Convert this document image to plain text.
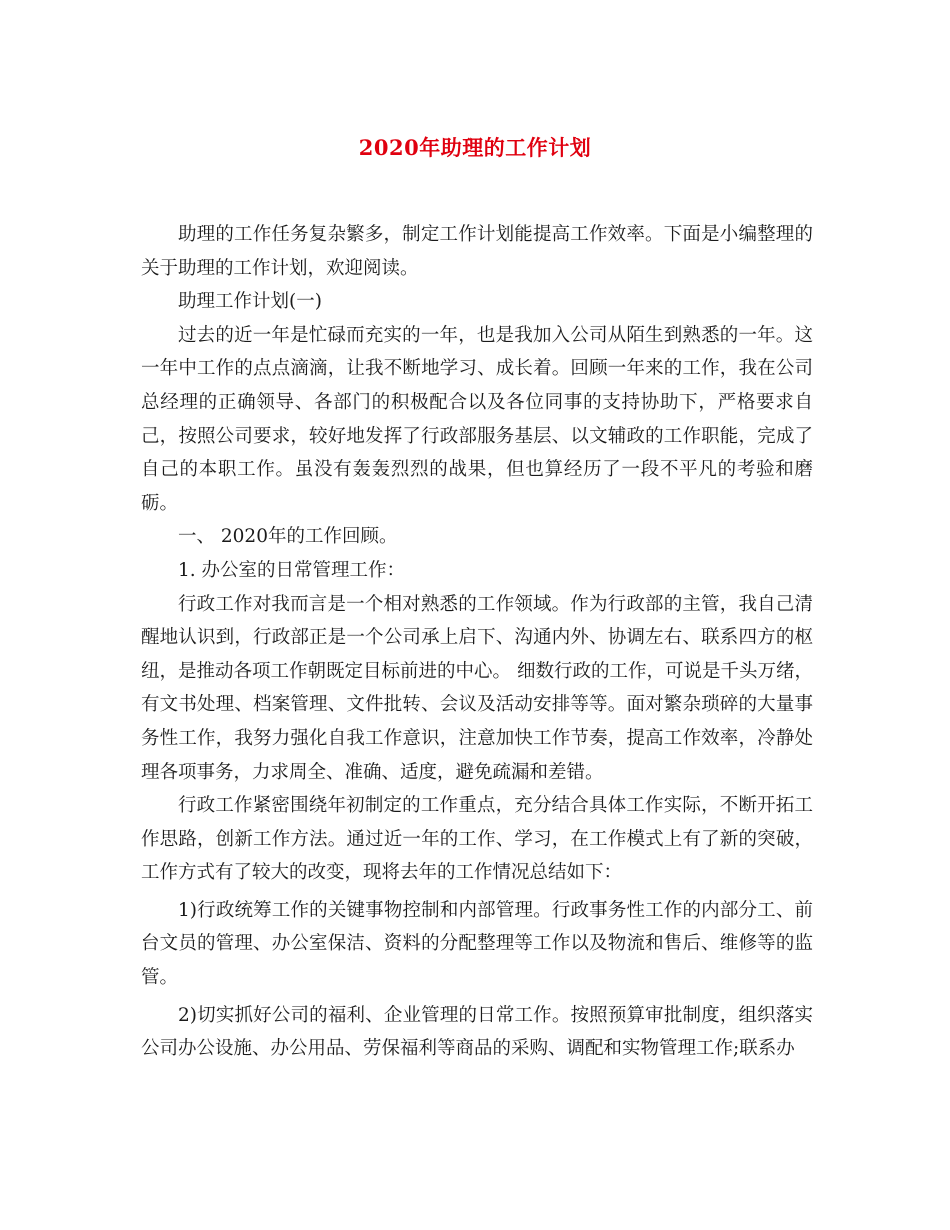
2020年助理的工作计划

助理的工作任务复杂繁多，制定工作计划能提高工作效率。下面是小编整理的关于助理的工作计划，欢迎阅读。

助理工作计划(一)

过去的近一年是忙碌而充实的一年，也是我加入公司从陌生到熟悉的一年。这一年中工作的点点滴滴，让我不断地学习、成长着。回顾一年来的工作，我在公司总经理的正确领导、各部门的积极配合以及各位同事的支持协助下，严格要求自己，按照公司要求，较好地发挥了行政部服务基层、以文辅政的工作职能，完成了自己的本职工作。虽没有轰轰烈烈的战果，但也算经历了一段不平凡的考验和磨砺。

一、 2020年的工作回顾。

1. 办公室的日常管理工作：

行政工作对我而言是一个相对熟悉的工作领域。作为行政部的主管，我自己清醒地认识到，行政部正是一个公司承上启下、沟通内外、协调左右、联系四方的枢纽，是推动各项工作朝既定目标前进的中心。 细数行政的工作，可说是千头万绪，有文书处理、档案管理、文件批转、会议及活动安排等等。面对繁杂琐碎的大量事务性工作，我努力强化自我工作意识，注意加快工作节奏，提高工作效率，冷静处理各项事务，力求周全、准确、适度，避免疏漏和差错。

行政工作紧密围绕年初制定的工作重点，充分结合具体工作实际，不断开拓工作思路，创新工作方法。通过近一年的工作、学习，在工作模式上有了新的突破，工作方式有了较大的改变，现将去年的工作情况总结如下：

1)行政统筹工作的关键事物控制和内部管理。行政事务性工作的内部分工、前台文员的管理、办公室保洁、资料的分配整理等工作以及物流和售后、维修等的监管。

2)切实抓好公司的福利、企业管理的日常工作。按照预算审批制度，组织落实公司办公设施、办公用品、劳保福利等商品的采购、调配和实物管理工作;联系办
